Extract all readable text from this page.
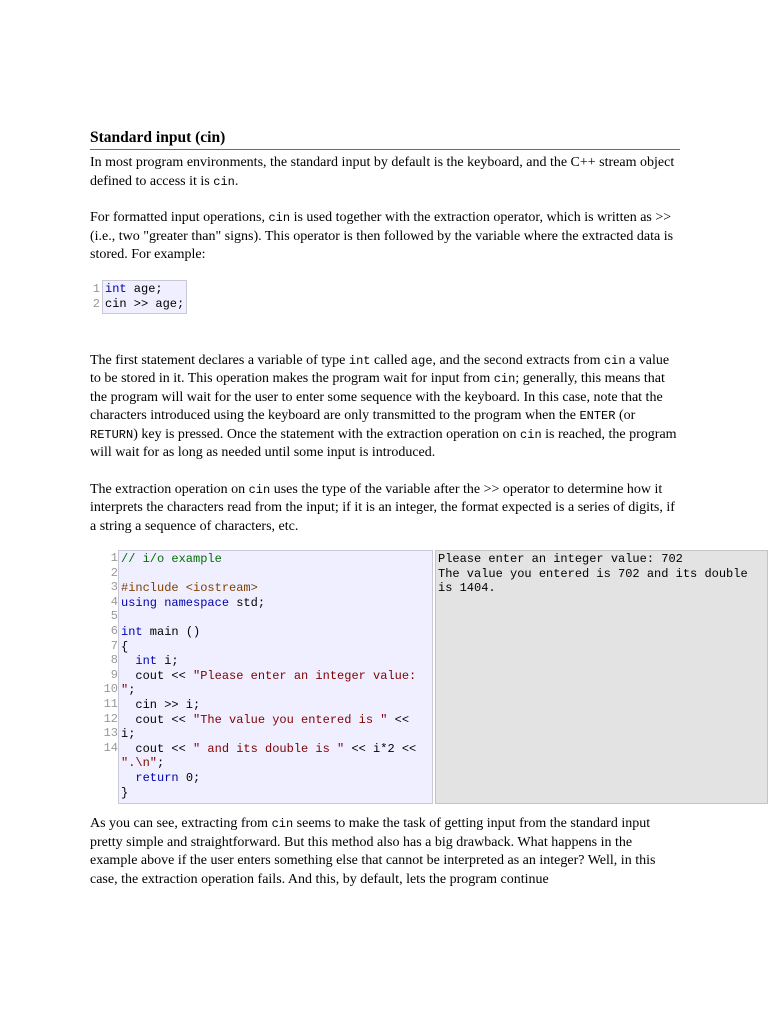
Standard input (cin)

In most program environments, the standard input by default is the keyboard, and the C++ stream object defined to access it is cin.

For formatted input operations, cin is used together with the extraction operator, which is written as >> (i.e., two "greater than" signs). This operator is then followed by the variable where the extracted data is stored. For example:

1
2
int age;
cin >> age;

The first statement declares a variable of type int called age, and the second extracts from cin a value to be stored in it. This operation makes the program wait for input from cin; generally, this means that the program will wait for the user to enter some sequence with the keyboard. In this case, note that the characters introduced using the keyboard are only transmitted to the program when the ENTER (or RETURN) key is pressed. Once the statement with the extraction operation on cin is reached, the program will wait for as long as needed until some input is introduced.

The extraction operation on cin uses the type of the variable after the >> operator to determine how it interprets the characters read from the input; if it is an integer, the format expected is a series of digits, if a string a sequence of characters, etc.

1
2
3
4
5
6
7
8
9
10
11
12
13
14
// i/o example

#include <iostream>
using namespace std;

int main ()
{
int i;
cout << "Please enter an integer value:
";
cin >> i;
cout << "The value you entered is " <<
i;
cout << " and its double is " << i*2 <<
".\n";
return 0;
}
Please enter an integer value: 702
The value you entered is 702 and its double
is 1404.

As you can see, extracting from cin seems to make the task of getting input from the standard input pretty simple and straightforward. But this method also has a big drawback. What happens in the example above if the user enters something else that cannot be interpreted as an integer? Well, in this case, the extraction operation fails. And this, by default, lets the program continue
